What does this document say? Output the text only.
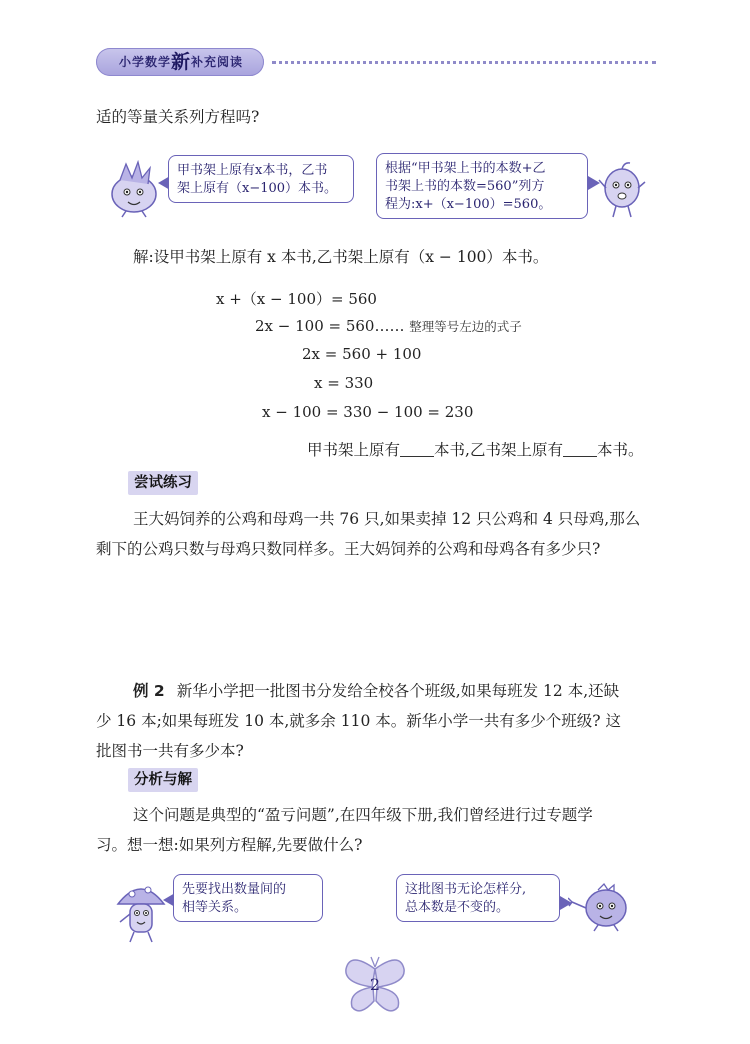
小学数学新补充阅读
适的等量关系列方程吗?
甲书架上原有x本书，乙书
架上原有（x−100）本书。
根据“甲书架上书的本数+乙
书架上书的本数=560”列方
程为:x+（x−100）=560。
解:设甲书架上原有 x 本书,乙书架上原有（x − 100）本书。
x +（x − 100）= 560
2x − 100 = 560…… 整理等号左边的式子
2x = 560 + 100
x = 330
x − 100 = 330 − 100 = 230
甲书架上原有 本书,乙书架上原有 本书。
尝试练习
王大妈饲养的公鸡和母鸡一共 76 只,如果卖掉 12 只公鸡和 4 只母鸡,那么
剩下的公鸡只数与母鸡只数同样多。王大妈饲养的公鸡和母鸡各有多少只?
例 2 新华小学把一批图书分发给全校各个班级,如果每班发 12 本,还缺
少 16 本;如果每班发 10 本,就多余 110 本。新华小学一共有多少个班级? 这
批图书一共有多少本?
分析与解
这个问题是典型的“盈亏问题”,在四年级下册,我们曾经进行过专题学
习。想一想:如果列方程解,先要做什么?
先要找出数量间的
相等关系。
这批图书无论怎样分,
总本数是不变的。
2
